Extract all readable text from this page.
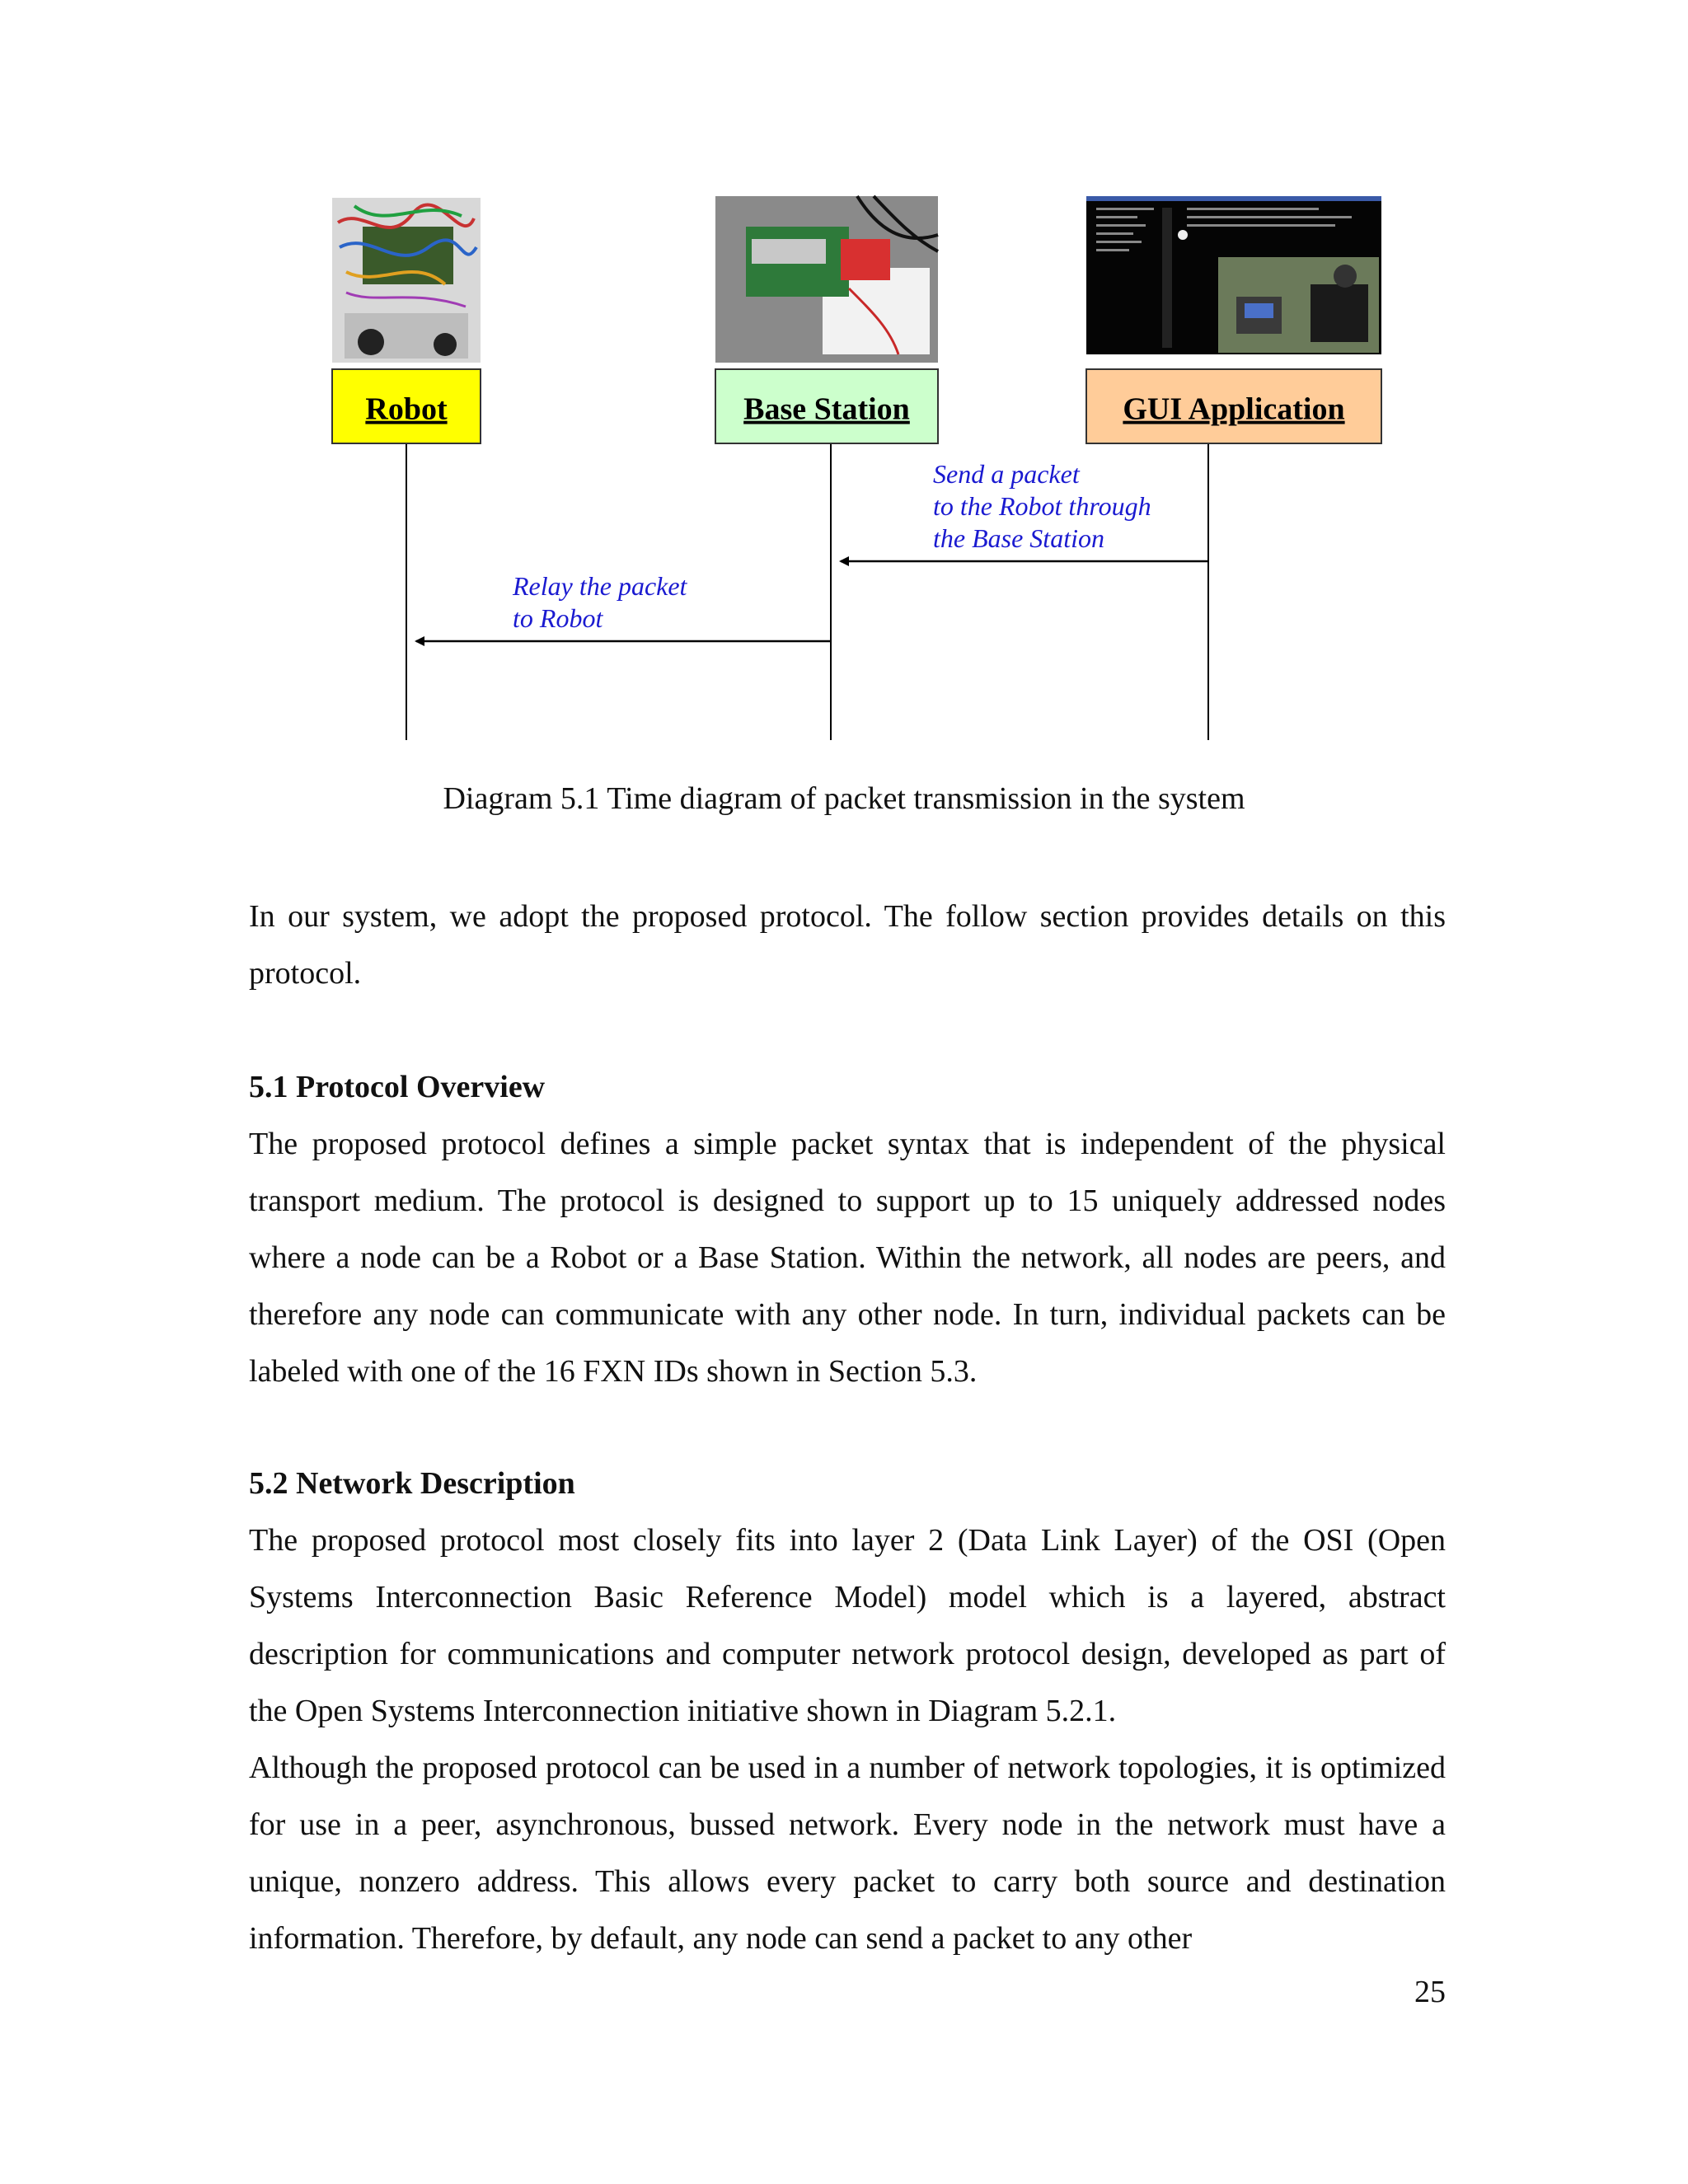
Robot	Base Station	GUI Application
Send a packet
to the Robot through
the Base Station
Relay the packet
to Robot
Diagram 5.1 Time diagram of packet transmission in the system

In our system, we adopt the proposed protocol. The follow section provides details on this protocol.

5.1 Protocol Overview

The proposed protocol defines a simple packet syntax that is independent of the physical transport medium. The protocol is designed to support up to 15 uniquely addressed nodes where a node can be a Robot or a Base Station. Within the network, all nodes are peers, and therefore any node can communicate with any other node. In turn, individual packets can be labeled with one of the 16 FXN IDs shown in Section 5.3.

5.2 Network Description

The proposed protocol most closely fits into layer 2 (Data Link Layer) of the OSI (Open Systems Interconnection Basic Reference Model) model which is a layered, abstract description for communications and computer network protocol design, developed as part of the Open Systems Interconnection initiative shown in Diagram 5.2.1.

Although the proposed protocol can be used in a number of network topologies, it is optimized for use in a peer, asynchronous, bussed network. Every node in the network must have a unique, nonzero address. This allows every packet to carry both source and destination information. Therefore, by default, any node can send a packet to any other

25
